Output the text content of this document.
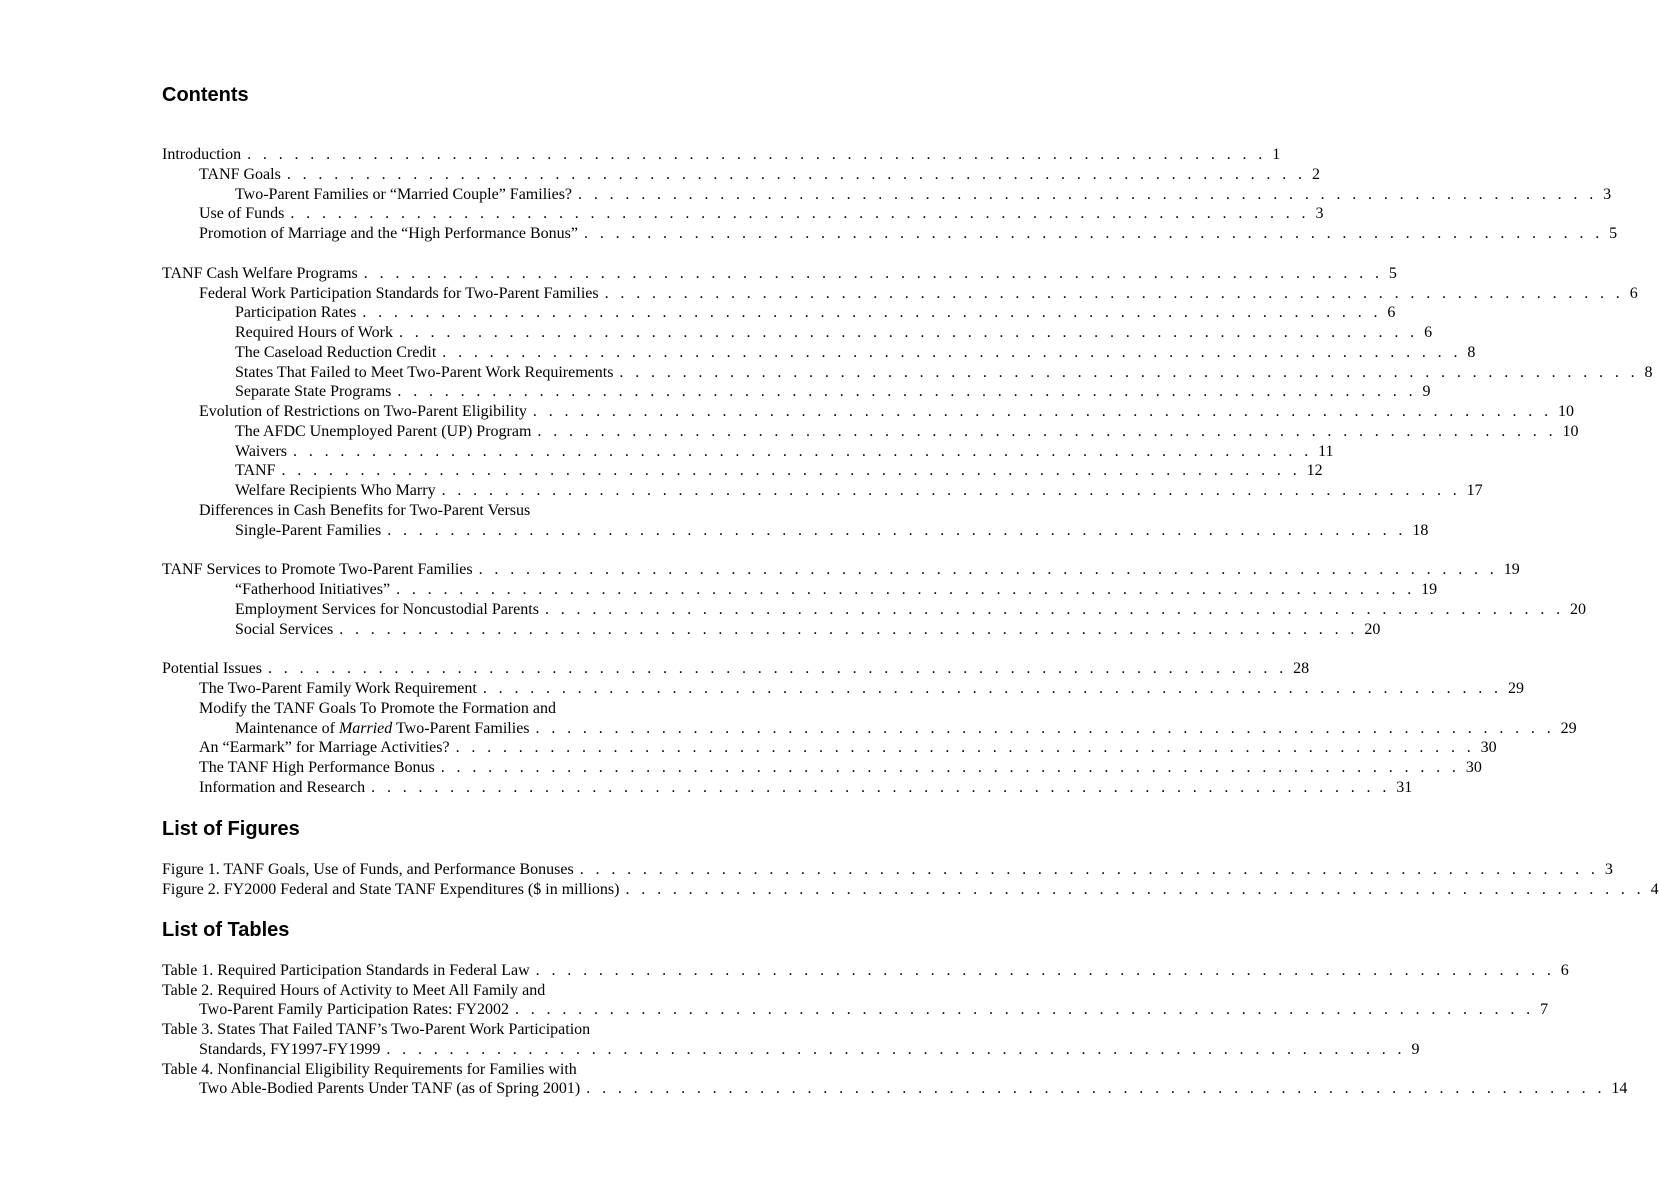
Contents
Introduction . . . . . . . . . . . . . . . . . . . . . . . . . . . . . . . . . . . . . . . . . . . . . . . . . . . . . . . . . . . . . . . . . 1
TANF Goals . . . . . . . . . . . . . . . . . . . . . . . . . . . . . . . . . . . . . . . . . . . . . . . . . . . . . . . . . . . . . . . . . 2
Two-Parent Families or “Married Couple” Families? . . . . . . . . . . . . . . . . . . . . . . . . . . . . . . . . . . . . . . . . . . . . . . . . . . . . . . . . . . . . . . . . . 3
Use of Funds . . . . . . . . . . . . . . . . . . . . . . . . . . . . . . . . . . . . . . . . . . . . . . . . . . . . . . . . . . . . . . . . . 3
Promotion of Marriage and the “High Performance Bonus” . . . . . . . . . . . . . . . . . . . . . . . . . . . . . . . . . . . . . . . . . . . . . . . . . . . . . . . . . . . . . . . . . 5
TANF Cash Welfare Programs . . . . . . . . . . . . . . . . . . . . . . . . . . . . . . . . . . . . . . . . . . . . . . . . . . . . . . . . . . . . . . . . . 5
Federal Work Participation Standards for Two-Parent Families . . . . . . . . . . . . . . . . . . . . . . . . . . . . . . . . . . . . . . . . . . . . . . . . . . . . . . . . . . . . . . . . . 6
Participation Rates . . . . . . . . . . . . . . . . . . . . . . . . . . . . . . . . . . . . . . . . . . . . . . . . . . . . . . . . . . . . . . . . . 6
Required Hours of Work . . . . . . . . . . . . . . . . . . . . . . . . . . . . . . . . . . . . . . . . . . . . . . . . . . . . . . . . . . . . . . . . . 6
The Caseload Reduction Credit . . . . . . . . . . . . . . . . . . . . . . . . . . . . . . . . . . . . . . . . . . . . . . . . . . . . . . . . . . . . . . . . . 8
States That Failed to Meet Two-Parent Work Requirements . . . . . . . . . . . . . . . . . . . . . . . . . . . . . . . . . . . . . . . . . . . . . . . . . . . . . . . . . . . . . . . . . 8
Separate State Programs . . . . . . . . . . . . . . . . . . . . . . . . . . . . . . . . . . . . . . . . . . . . . . . . . . . . . . . . . . . . . . . . . 9
Evolution of Restrictions on Two-Parent Eligibility . . . . . . . . . . . . . . . . . . . . . . . . . . . . . . . . . . . . . . . . . . . . . . . . . . . . . . . . . . . . . . . . . 10
The AFDC Unemployed Parent (UP) Program . . . . . . . . . . . . . . . . . . . . . . . . . . . . . . . . . . . . . . . . . . . . . . . . . . . . . . . . . . . . . . . . . 10
Waivers . . . . . . . . . . . . . . . . . . . . . . . . . . . . . . . . . . . . . . . . . . . . . . . . . . . . . . . . . . . . . . . . . 11
TANF . . . . . . . . . . . . . . . . . . . . . . . . . . . . . . . . . . . . . . . . . . . . . . . . . . . . . . . . . . . . . . . . . 12
Welfare Recipients Who Marry . . . . . . . . . . . . . . . . . . . . . . . . . . . . . . . . . . . . . . . . . . . . . . . . . . . . . . . . . . . . . . . . . 17
Differences in Cash Benefits for Two-Parent Versus
Single-Parent Families . . . . . . . . . . . . . . . . . . . . . . . . . . . . . . . . . . . . . . . . . . . . . . . . . . . . . . . . . . . . . . . . . 18
TANF Services to Promote Two-Parent Families . . . . . . . . . . . . . . . . . . . . . . . . . . . . . . . . . . . . . . . . . . . . . . . . . . . . . . . . . . . . . . . . . 19
“Fatherhood Initiatives” . . . . . . . . . . . . . . . . . . . . . . . . . . . . . . . . . . . . . . . . . . . . . . . . . . . . . . . . . . . . . . . . . 19
Employment Services for Noncustodial Parents . . . . . . . . . . . . . . . . . . . . . . . . . . . . . . . . . . . . . . . . . . . . . . . . . . . . . . . . . . . . . . . . . 20
Social Services . . . . . . . . . . . . . . . . . . . . . . . . . . . . . . . . . . . . . . . . . . . . . . . . . . . . . . . . . . . . . . . . . 20
Potential Issues . . . . . . . . . . . . . . . . . . . . . . . . . . . . . . . . . . . . . . . . . . . . . . . . . . . . . . . . . . . . . . . . . 28
The Two-Parent Family Work Requirement . . . . . . . . . . . . . . . . . . . . . . . . . . . . . . . . . . . . . . . . . . . . . . . . . . . . . . . . . . . . . . . . . 29
Modify the TANF Goals To Promote the Formation and
Maintenance of Married Two-Parent Families . . . . . . . . . . . . . . . . . . . . . . . . . . . . . . . . . . . . . . . . . . . . . . . . . . . . . . . . . . . . . . . . . 29
An “Earmark” for Marriage Activities? . . . . . . . . . . . . . . . . . . . . . . . . . . . . . . . . . . . . . . . . . . . . . . . . . . . . . . . . . . . . . . . . . 30
The TANF High Performance Bonus . . . . . . . . . . . . . . . . . . . . . . . . . . . . . . . . . . . . . . . . . . . . . . . . . . . . . . . . . . . . . . . . . 30
Information and Research . . . . . . . . . . . . . . . . . . . . . . . . . . . . . . . . . . . . . . . . . . . . . . . . . . . . . . . . . . . . . . . . . 31
List of Figures
Figure 1. TANF Goals, Use of Funds, and Performance Bonuses . . . . . . . . . . . . . . . . . . . . . . . . . . . . . . . . . . . . . . . . . . . . . . . . . . . . . . . . . . . . . . . . . 3
Figure 2. FY2000 Federal and State TANF Expenditures ($ in millions) . . . . . . . . . . . . . . . . . . . . . . . . . . . . . . . . . . . . . . . . . . . . . . . . . . . . . . . . . . . . . . . . . 4
List of Tables
Table 1. Required Participation Standards in Federal Law . . . . . . . . . . . . . . . . . . . . . . . . . . . . . . . . . . . . . . . . . . . . . . . . . . . . . . . . . . . . . . . . . 6
Table 2. Required Hours of Activity to Meet All Family and
Two-Parent Family Participation Rates: FY2002 . . . . . . . . . . . . . . . . . . . . . . . . . . . . . . . . . . . . . . . . . . . . . . . . . . . . . . . . . . . . . . . . . 7
Table 3. States That Failed TANF’s Two-Parent Work Participation
Standards, FY1997-FY1999 . . . . . . . . . . . . . . . . . . . . . . . . . . . . . . . . . . . . . . . . . . . . . . . . . . . . . . . . . . . . . . . . . 9
Table 4. Nonfinancial Eligibility Requirements for Families with
Two Able-Bodied Parents Under TANF (as of Spring 2001) . . . . . . . . . . . . . . . . . . . . . . . . . . . . . . . . . . . . . . . . . . . . . . . . . . . . . . . . . . . . . . . . . 14
